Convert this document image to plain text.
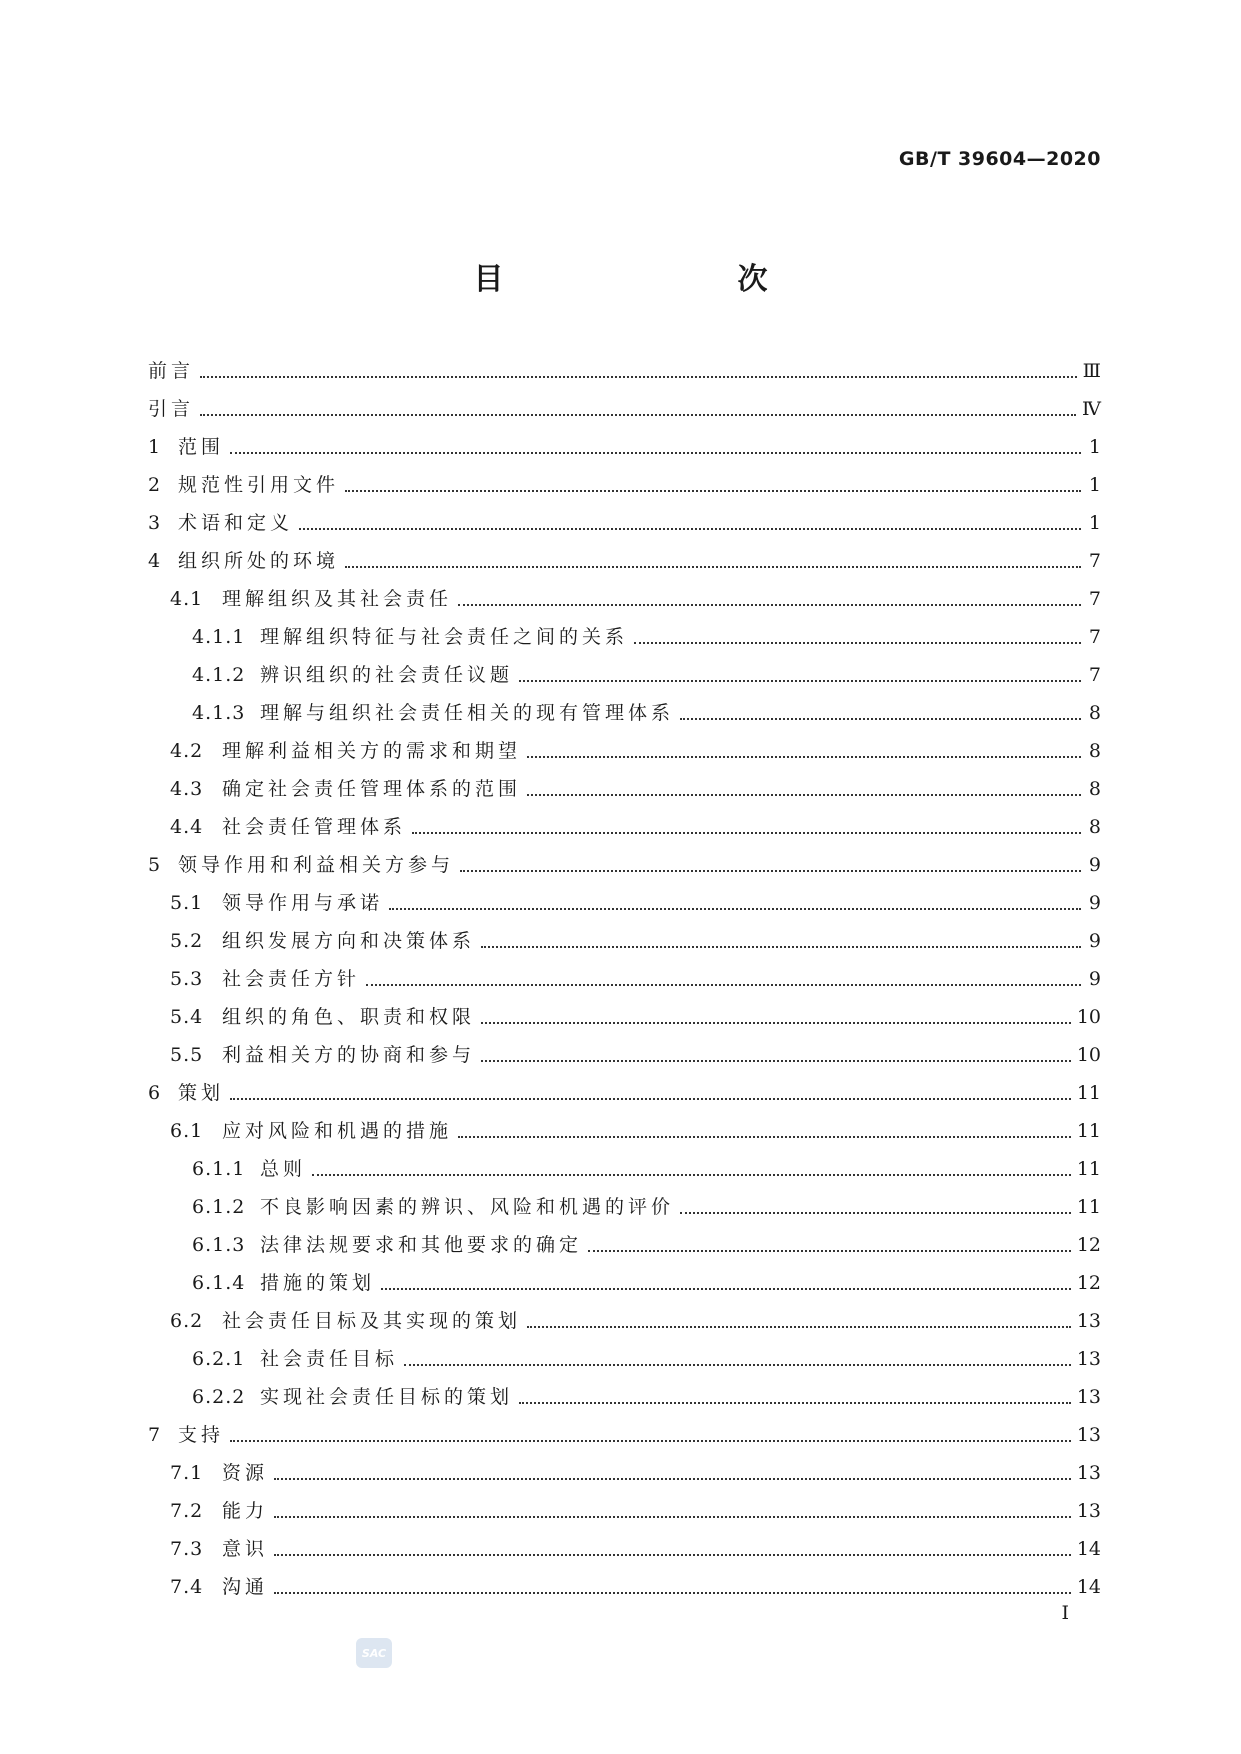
GB/T 39604—2020
目　　次
前言	Ⅲ
引言	Ⅳ
1 范围	1
2 规范性引用文件	1
3 术语和定义	1
4 组织所处的环境	7
4.1 理解组织及其社会责任	7
4.1.1 理解组织特征与社会责任之间的关系	7
4.1.2 辨识组织的社会责任议题	7
4.1.3 理解与组织社会责任相关的现有管理体系	8
4.2 理解利益相关方的需求和期望	8
4.3 确定社会责任管理体系的范围	8
4.4 社会责任管理体系	8
5 领导作用和利益相关方参与	9
5.1 领导作用与承诺	9
5.2 组织发展方向和决策体系	9
5.3 社会责任方针	9
5.4 组织的角色、职责和权限	10
5.5 利益相关方的协商和参与	10
6 策划	11
6.1 应对风险和机遇的措施	11
6.1.1 总则	11
6.1.2 不良影响因素的辨识、风险和机遇的评价	11
6.1.3 法律法规要求和其他要求的确定	12
6.1.4 措施的策划	12
6.2 社会责任目标及其实现的策划	13
6.2.1 社会责任目标	13
6.2.2 实现社会责任目标的策划	13
7 支持	13
7.1 资源	13
7.2 能力	13
7.3 意识	14
7.4 沟通	14
Ⅰ
SAC
